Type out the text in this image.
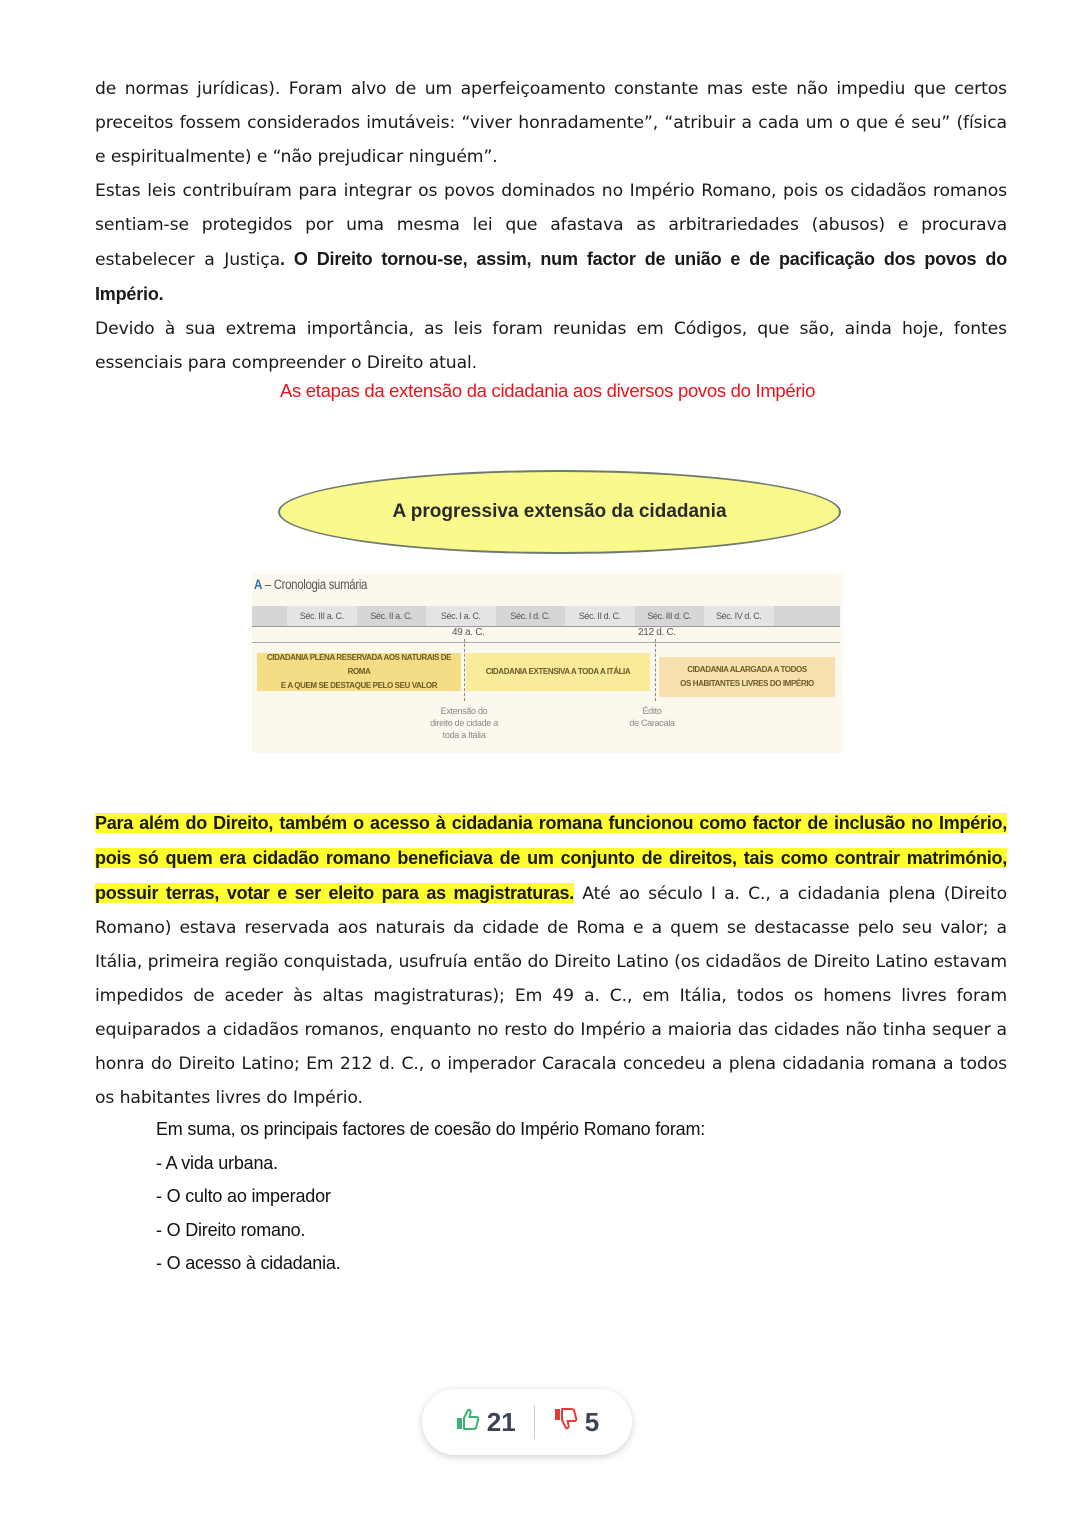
de normas jurídicas). Foram alvo de um aperfeiçoamento constante mas este não impediu que certos preceitos fossem considerados imutáveis: “viver honradamente”, “atribuir a cada um o que é seu” (física e espiritualmente) e “não prejudicar ninguém”.

Estas leis contribuíram para integrar os povos dominados no Império Romano, pois os cidadãos romanos sentiam-se protegidos por uma mesma lei que afastava as arbitrariedades (abusos) e procurava estabelecer a Justiça. O Direito tornou-se, assim, num factor de união e de pacificação dos povos do Império.

Devido à sua extrema importância, as leis foram reunidas em Códigos, que são, ainda hoje, fontes essenciais para compreender o Direito atual.

As etapas da extensão da cidadania aos diversos povos do Império
A progressiva extensão da cidadania
A – Cronologia sumária
Séc. III a. C.	Séc. II a. C.	Séc. I a. C.	Séc. I d. C.	Séc. II d. C.	Séc. III d. C.	Séc. IV d. C.
49 a. C.	212 d. C.
CIDADANIA PLENA RESERVADA AOS NATURAIS DE ROMA
E A QUEM SE DESTAQUE PELO SEU VALOR
CIDADANIA EXTENSIVA A TODA A ITÁLIA	CIDADANIA ALARGADA A TODOS
OS HABITANTES LIVRES DO IMPÉRIO
Extensão do
direito de cidade a
toda a Itália
Édito
de Caracala

Para além do Direito, também o acesso à cidadania romana funcionou como factor de inclusão no Império, pois só quem era cidadão romano beneficiava de um conjunto de direitos, tais como contrair matrimónio, possuir terras, votar e ser eleito para as magistraturas. Até ao século I a. C., a cidadania plena (Direito Romano) estava reservada aos naturais da cidade de Roma e a quem se destacasse pelo seu valor; a Itália, primeira região conquistada, usufruía então do Direito Latino (os cidadãos de Direito Latino estavam impedidos de aceder às altas magistraturas); Em 49 a. C., em Itália, todos os homens livres foram equiparados a cidadãos romanos, enquanto no resto do Império a maioria das cidades não tinha sequer a honra do Direito Latino; Em 212 d. C., o imperador Caracala concedeu a plena cidadania romana a todos os habitantes livres do Império.

Em suma, os principais factores de coesão do Império Romano foram:
- A vida urbana.
- O culto ao imperador
- O Direito romano.
- O acesso à cidadania.
21	5
